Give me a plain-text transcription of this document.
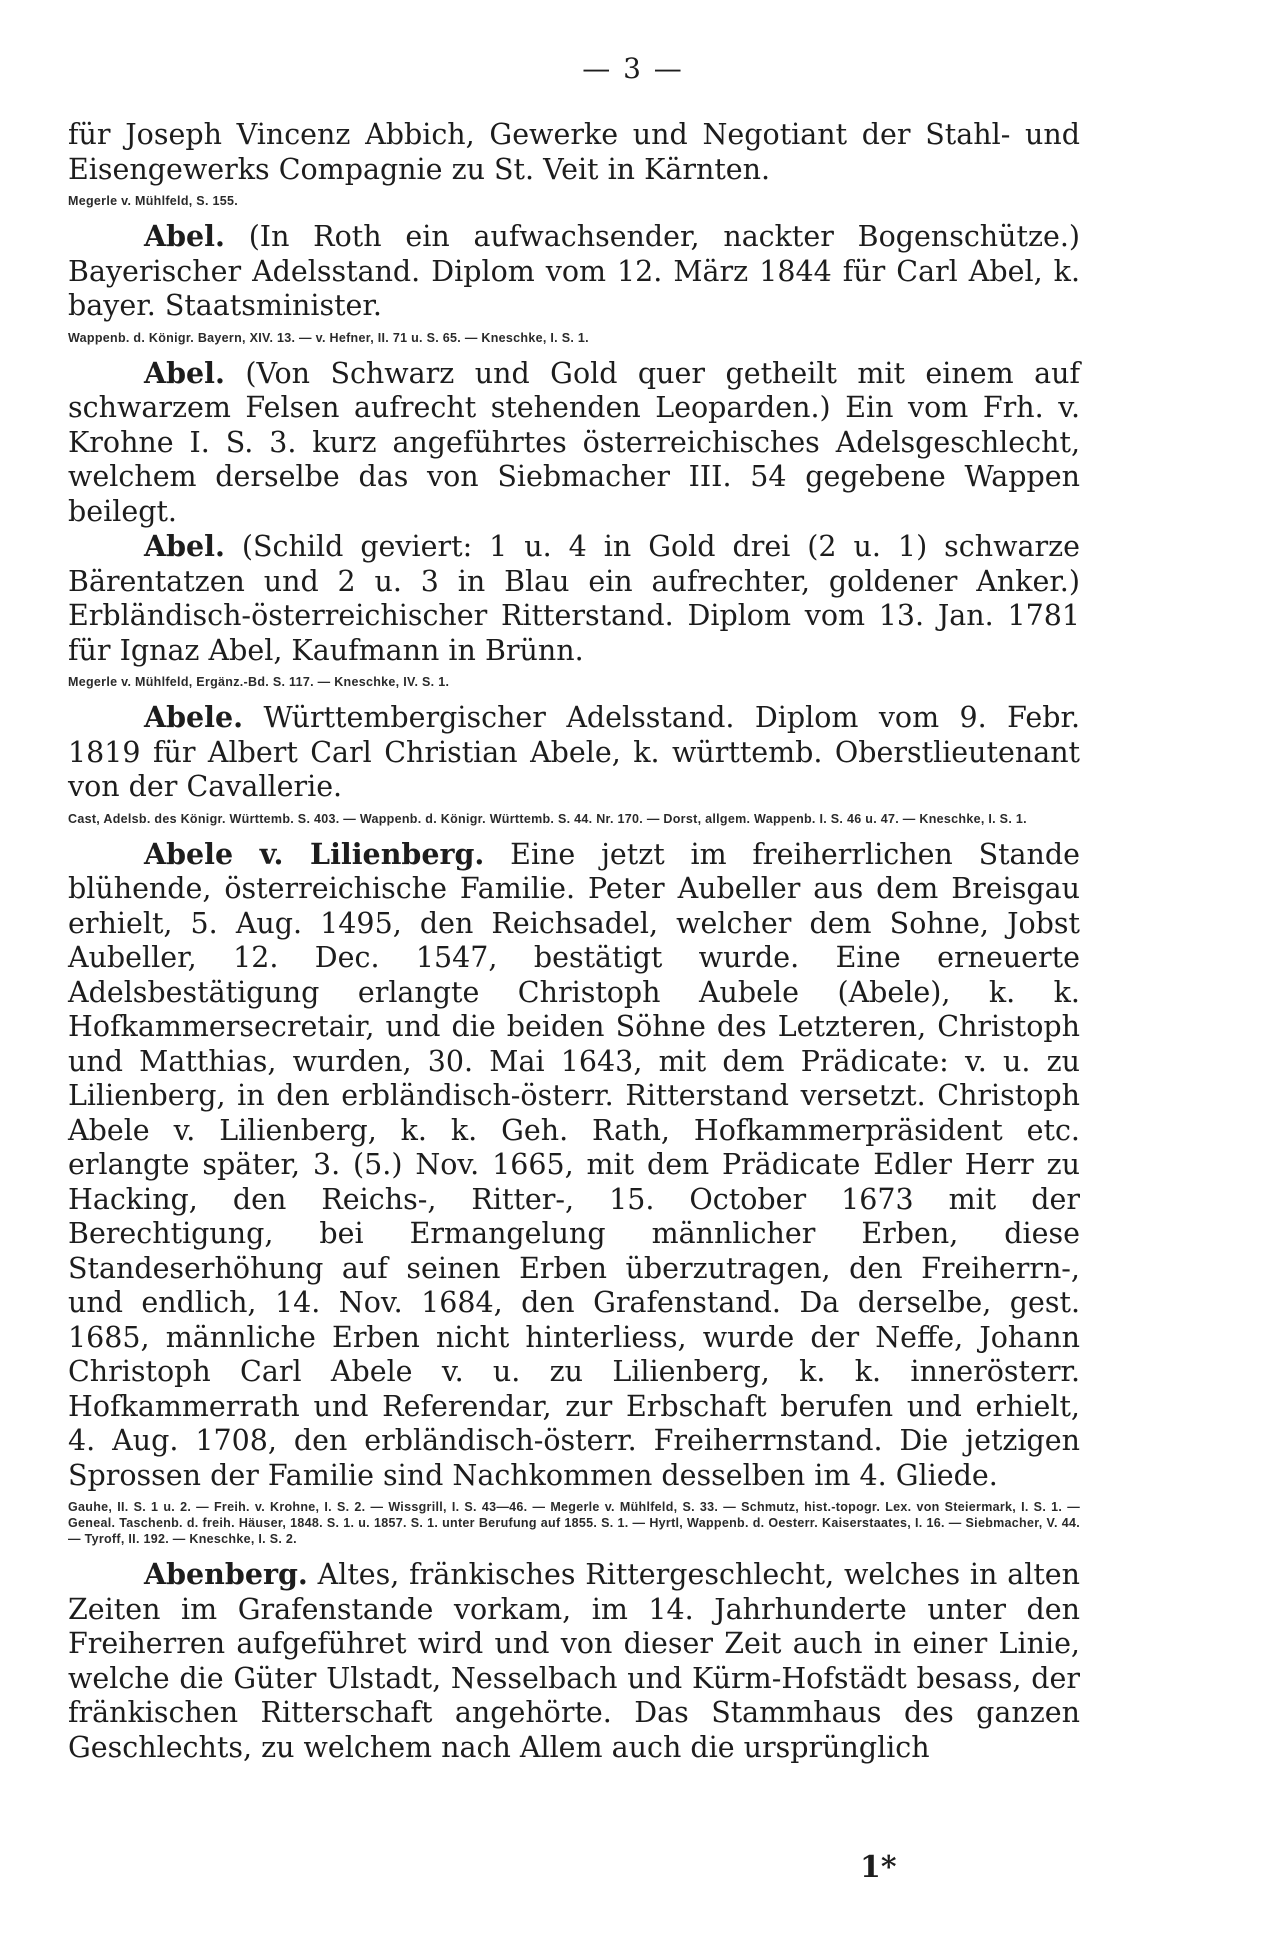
— 3 —

für Joseph Vincenz Abbich, Gewerke und Negotiant der Stahl- und Eisengewerks Compagnie zu St. Veit in Kärnten.

Megerle v. Mühlfeld, S. 155.

Abel. (In Roth ein aufwachsender, nackter Bogenschütze.) Bayerischer Adelsstand. Diplom vom 12. März 1844 für Carl Abel, k. bayer. Staatsminister.

Wappenb. d. Königr. Bayern, XIV. 13. — v. Hefner, II. 71 u. S. 65. — Kneschke, I. S. 1.

Abel. (Von Schwarz und Gold quer getheilt mit einem auf schwarzem Felsen aufrecht stehenden Leoparden.) Ein vom Frh. v. Krohne I. S. 3. kurz angeführtes österreichisches Adelsgeschlecht, welchem derselbe das von Siebmacher III. 54 gegebene Wappen beilegt.

Abel. (Schild geviert: 1 u. 4 in Gold drei (2 u. 1) schwarze Bärentatzen und 2 u. 3 in Blau ein aufrechter, goldener Anker.) Erbländisch-österreichischer Ritterstand. Diplom vom 13. Jan. 1781 für Ignaz Abel, Kaufmann in Brünn.

Megerle v. Mühlfeld, Ergänz.-Bd. S. 117. — Kneschke, IV. S. 1.

Abele. Württembergischer Adelsstand. Diplom vom 9. Febr. 1819 für Albert Carl Christian Abele, k. württemb. Oberstlieutenant von der Cavallerie.

Cast, Adelsb. des Königr. Württemb. S. 403. — Wappenb. d. Königr. Württemb. S. 44. Nr. 170. — Dorst, allgem. Wappenb. I. S. 46 u. 47. — Kneschke, I. S. 1.

Abele v. Lilienberg. Eine jetzt im freiherrlichen Stande blühende, österreichische Familie. Peter Aubeller aus dem Breisgau erhielt, 5. Aug. 1495, den Reichsadel, welcher dem Sohne, Jobst Aubeller, 12. Dec. 1547, bestätigt wurde. Eine erneuerte Adelsbestätigung erlangte Christoph Aubele (Abele), k. k. Hofkammersecretair, und die beiden Söhne des Letzteren, Christoph und Matthias, wurden, 30. Mai 1643, mit dem Prädicate: v. u. zu Lilienberg, in den erbländisch-österr. Ritterstand versetzt. Christoph Abele v. Lilienberg, k. k. Geh. Rath, Hofkammerpräsident etc. erlangte später, 3. (5.) Nov. 1665, mit dem Prädicate Edler Herr zu Hacking, den Reichs-, Ritter-, 15. October 1673 mit der Berechtigung, bei Ermangelung männlicher Erben, diese Standeserhöhung auf seinen Erben überzutragen, den Freiherrn-, und endlich, 14. Nov. 1684, den Grafenstand. Da derselbe, gest. 1685, männliche Erben nicht hinterliess, wurde der Neffe, Johann Christoph Carl Abele v. u. zu Lilienberg, k. k. innerösterr. Hofkammerrath und Referendar, zur Erbschaft berufen und erhielt, 4. Aug. 1708, den erbländisch-österr. Freiherrnstand. Die jetzigen Sprossen der Familie sind Nachkommen desselben im 4. Gliede.

Gauhe, II. S. 1 u. 2. — Freih. v. Krohne, I. S. 2. — Wissgrill, I. S. 43—46. — Megerle v. Mühlfeld, S. 33. — Schmutz, hist.-topogr. Lex. von Steiermark, I. S. 1. — Geneal. Taschenb. d. freih. Häuser, 1848. S. 1. u. 1857. S. 1. unter Berufung auf 1855. S. 1. — Hyrtl, Wappenb. d. Oesterr. Kaiserstaates, I. 16. — Siebmacher, V. 44. — Tyroff, II. 192. — Kneschke, I. S. 2.

Abenberg. Altes, fränkisches Rittergeschlecht, welches in alten Zeiten im Grafenstande vorkam, im 14. Jahrhunderte unter den Freiherren aufgeführet wird und von dieser Zeit auch in einer Linie, welche die Güter Ulstadt, Nesselbach und Kürm-Hofstädt besass, der fränkischen Ritterschaft angehörte. Das Stammhaus des ganzen Geschlechts, zu welchem nach Allem auch die ursprünglich

1*
